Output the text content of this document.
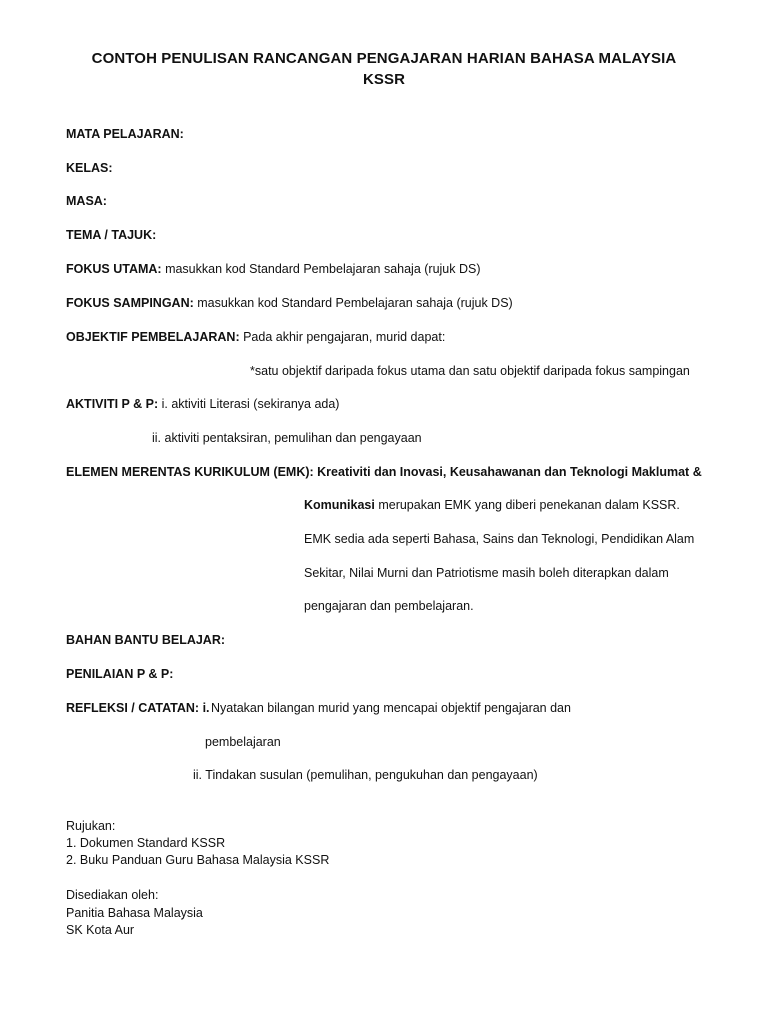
CONTOH PENULISAN RANCANGAN PENGAJARAN HARIAN BAHASA MALAYSIA
KSSR
MATA PELAJARAN:
KELAS:
MASA:
TEMA / TAJUK:
FOKUS UTAMA: masukkan kod Standard Pembelajaran sahaja (rujuk DS)
FOKUS SAMPINGAN: masukkan kod Standard Pembelajaran sahaja (rujuk DS)
OBJEKTIF PEMBELAJARAN: Pada akhir pengajaran, murid dapat:
*satu objektif daripada fokus utama dan satu objektif daripada fokus sampingan
AKTIVITI P & P: i. aktiviti Literasi (sekiranya ada)
ii. aktiviti pentaksiran, pemulihan dan pengayaan
ELEMEN MERENTAS KURIKULUM (EMK): Kreativiti dan Inovasi, Keusahawanan dan Teknologi Maklumat &
Komunikasi merupakan EMK yang diberi penekanan dalam KSSR.
EMK sedia ada seperti Bahasa, Sains dan Teknologi, Pendidikan Alam
Sekitar, Nilai Murni dan Patriotisme masih boleh diterapkan dalam
pengajaran dan pembelajaran.
BAHAN BANTU BELAJAR:
PENILAIAN P & P:
REFLEKSI / CATATAN: i. Nyatakan bilangan murid yang mencapai objektif pengajaran dan
pembelajaran
ii. Tindakan susulan (pemulihan, pengukuhan dan pengayaan)
Rujukan:
1. Dokumen Standard KSSR
2. Buku Panduan Guru Bahasa Malaysia KSSR
Disediakan oleh:
Panitia Bahasa Malaysia
SK Kota Aur
